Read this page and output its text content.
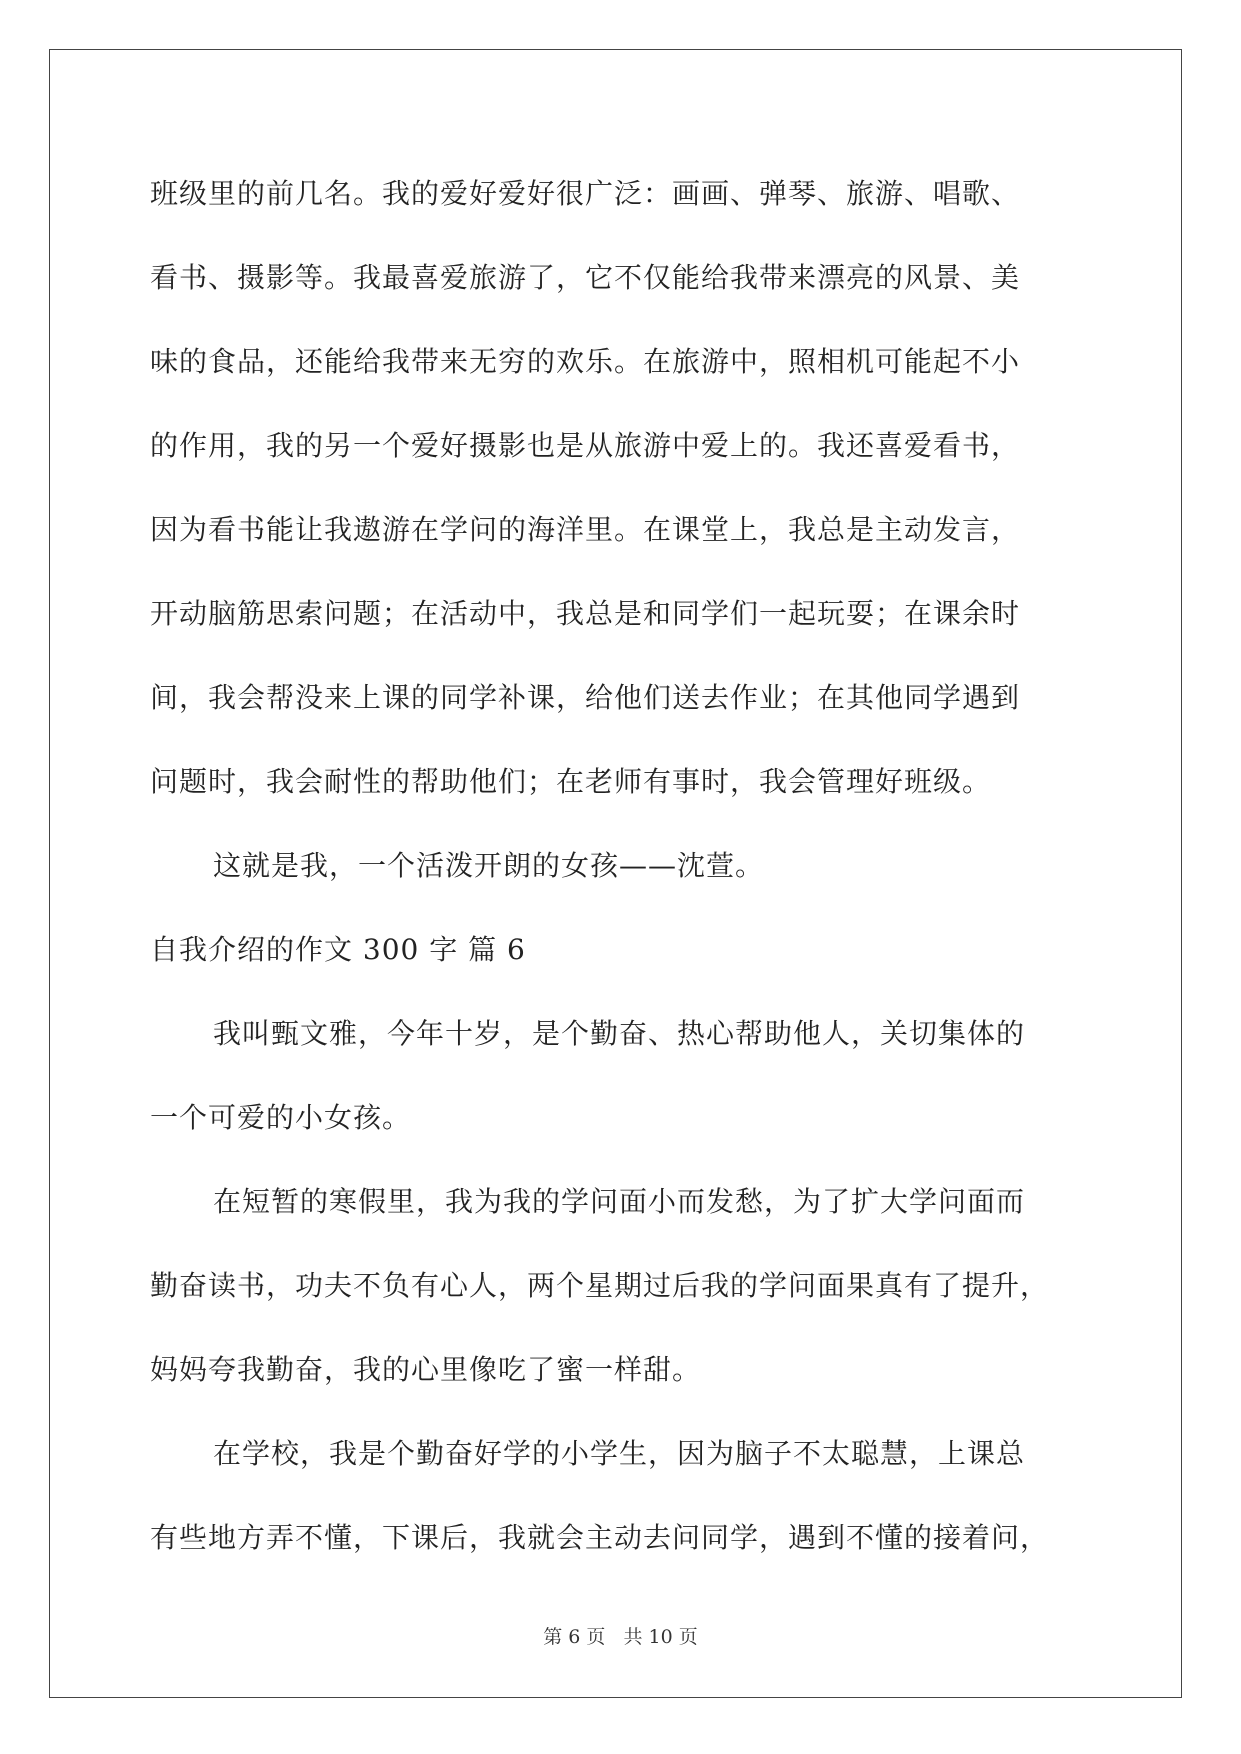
班级里的前几名。我的爱好爱好很广泛：画画、弹琴、旅游、唱歌、
看书、摄影等。我最喜爱旅游了，它不仅能给我带来漂亮的风景、美
味的食品，还能给我带来无穷的欢乐。在旅游中，照相机可能起不小
的作用，我的另一个爱好摄影也是从旅游中爱上的。我还喜爱看书，
因为看书能让我遨游在学问的海洋里。在课堂上，我总是主动发言，
开动脑筋思索问题；在活动中，我总是和同学们一起玩耍；在课余时
间，我会帮没来上课的同学补课，给他们送去作业；在其他同学遇到
问题时，我会耐性的帮助他们；在老师有事时，我会管理好班级。
这就是我，一个活泼开朗的女孩——沈萱。
自我介绍的作文 300 字 篇 6
我叫甄文雅，今年十岁，是个勤奋、热心帮助他人，关切集体的
一个可爱的小女孩。
在短暂的寒假里，我为我的学问面小而发愁，为了扩大学问面而
勤奋读书，功夫不负有心人，两个星期过后我的学问面果真有了提升，
妈妈夸我勤奋，我的心里像吃了蜜一样甜。
在学校，我是个勤奋好学的小学生，因为脑子不太聪慧，上课总
有些地方弄不懂，下课后，我就会主动去问同学，遇到不懂的接着问，
第 6 页 共 10 页
